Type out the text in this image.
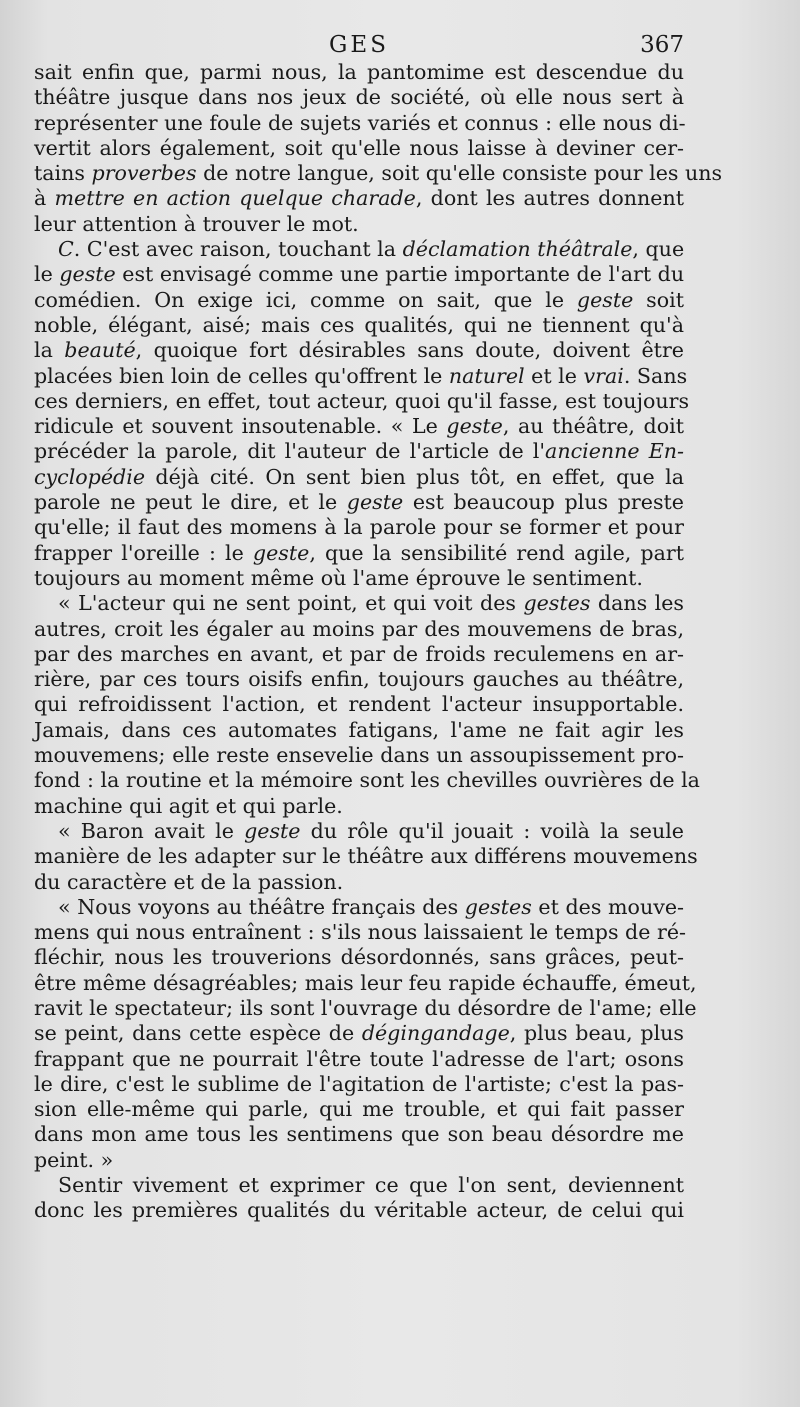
GES	367
sait enfin que, parmi nous, la pantomime est descendue du
théâtre jusque dans nos jeux de société, où elle nous sert à
représenter une foule de sujets variés et connus : elle nous di-
vertit alors également, soit qu'elle nous laisse à deviner cer-
tains proverbes de notre langue, soit qu'elle consiste pour les uns
à mettre en action quelque charade, dont les autres donnent
leur attention à trouver le mot.
C. C'est avec raison, touchant la déclamation théâtrale, que
le geste est envisagé comme une partie importante de l'art du
comédien. On exige ici, comme on sait, que le geste soit
noble, élégant, aisé; mais ces qualités, qui ne tiennent qu'à
la beauté, quoique fort désirables sans doute, doivent être
placées bien loin de celles qu'offrent le naturel et le vrai. Sans
ces derniers, en effet, tout acteur, quoi qu'il fasse, est toujours
ridicule et souvent insoutenable. « Le geste, au théâtre, doit
précéder la parole, dit l'auteur de l'article de l'ancienne En-
cyclopédie déjà cité. On sent bien plus tôt, en effet, que la
parole ne peut le dire, et le geste est beaucoup plus preste
qu'elle; il faut des momens à la parole pour se former et pour
frapper l'oreille : le geste, que la sensibilité rend agile, part
toujours au moment même où l'ame éprouve le sentiment.
« L'acteur qui ne sent point, et qui voit des gestes dans les
autres, croit les égaler au moins par des mouvemens de bras,
par des marches en avant, et par de froids reculemens en ar-
rière, par ces tours oisifs enfin, toujours gauches au théâtre,
qui refroidissent l'action, et rendent l'acteur insupportable.
Jamais, dans ces automates fatigans, l'ame ne fait agir les
mouvemens; elle reste ensevelie dans un assoupissement pro-
fond : la routine et la mémoire sont les chevilles ouvrières de la
machine qui agit et qui parle.
« Baron avait le geste du rôle qu'il jouait : voilà la seule
manière de les adapter sur le théâtre aux différens mouvemens
du caractère et de la passion.
« Nous voyons au théâtre français des gestes et des mouve-
mens qui nous entraînent : s'ils nous laissaient le temps de ré-
fléchir, nous les trouverions désordonnés, sans grâces, peut-
être même désagréables; mais leur feu rapide échauffe, émeut,
ravit le spectateur; ils sont l'ouvrage du désordre de l'ame; elle
se peint, dans cette espèce de dégingandage, plus beau, plus
frappant que ne pourrait l'être toute l'adresse de l'art; osons
le dire, c'est le sublime de l'agitation de l'artiste; c'est la pas-
sion elle-même qui parle, qui me trouble, et qui fait passer
dans mon ame tous les sentimens que son beau désordre me
peint. »
Sentir vivement et exprimer ce que l'on sent, deviennent
donc les premières qualités du véritable acteur, de celui qui
